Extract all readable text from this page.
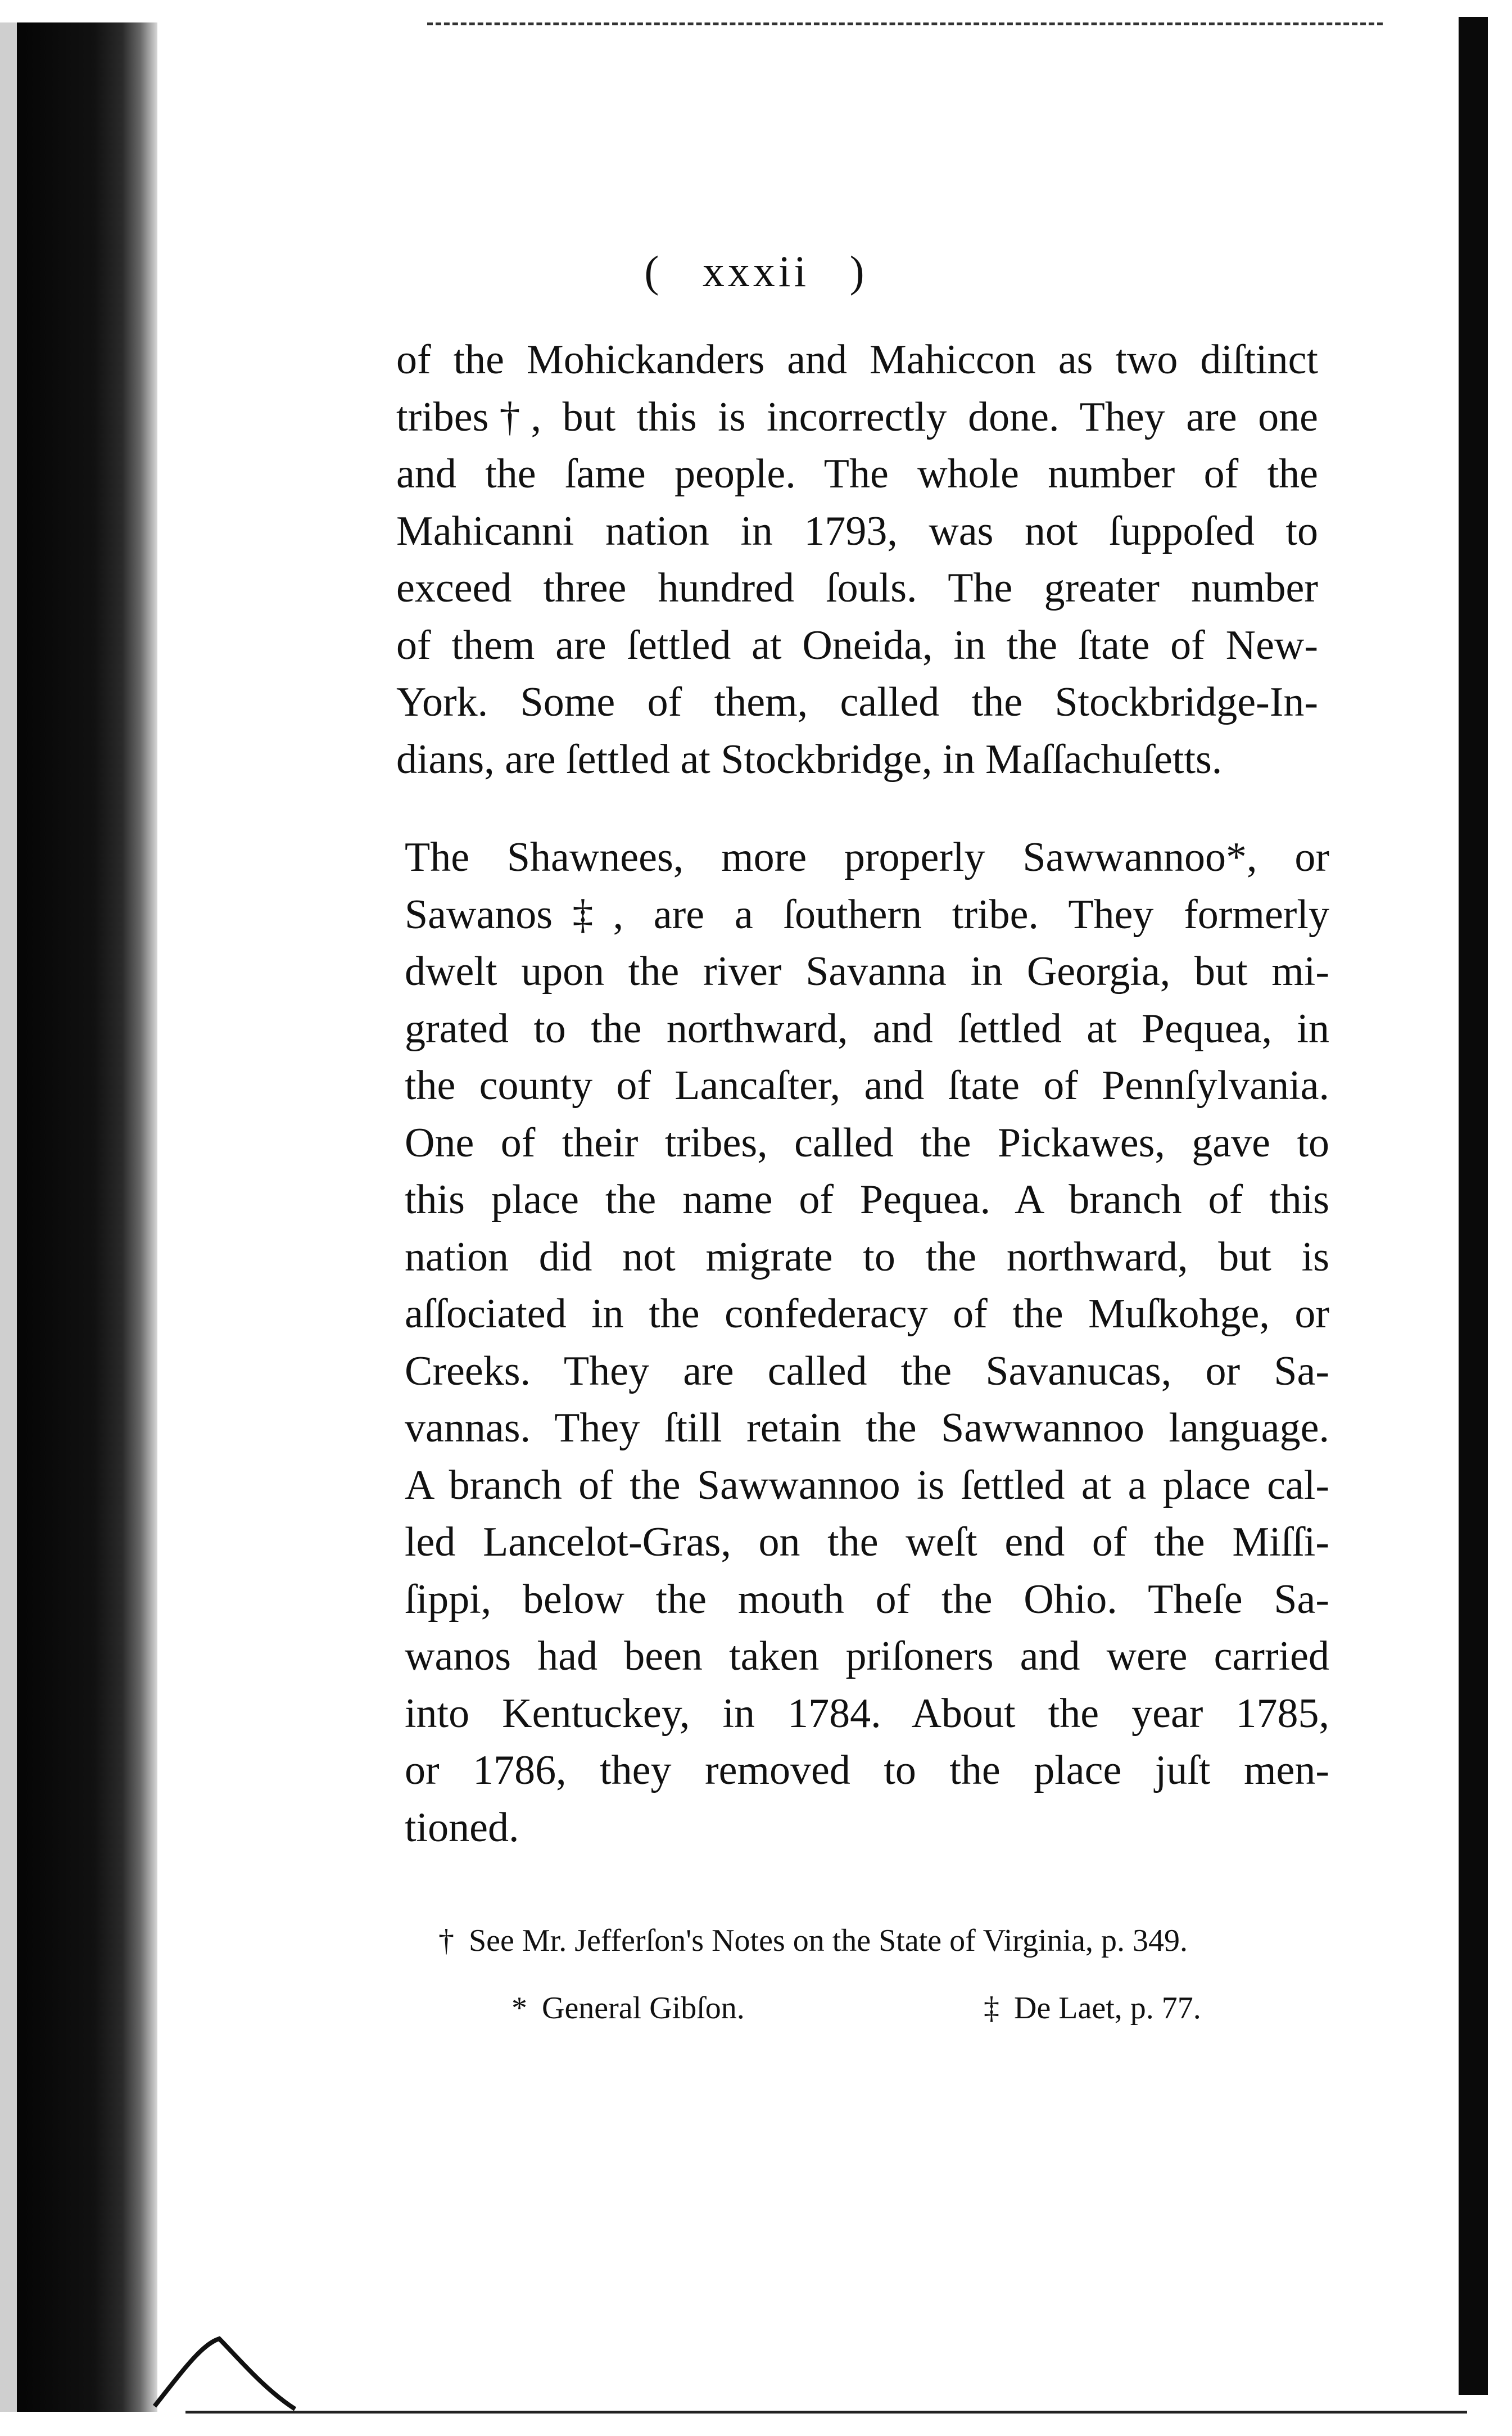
( xxxii )
of the Mohickanders and Mahiccon as two diſtinct
tribes†, but this is incorrectly done. They are one
and the ſame people. The whole number of the
Mahicanni nation in 1793, was not ſuppoſed to
exceed three hundred ſouls. The greater number
of them are ſettled at Oneida, in the ſtate of New-
York. Some of them, called the Stockbridge-In-
dians, are ſettled at Stockbridge, in Maſſachuſetts.
The Shawnees, more properly Sawwannoo*, or
Sawanos‡, are a ſouthern tribe. They formerly
dwelt upon the river Savanna in Georgia, but mi-
grated to the northward, and ſettled at Pequea, in
the county of Lancaſter, and ſtate of Pennſylvania.
One of their tribes, called the Pickawes, gave to
this place the name of Pequea. A branch of this
nation did not migrate to the northward, but is
aſſociated in the confederacy of the Muſkohge, or
Creeks. They are called the Savanucas, or Sa-
vannas. They ſtill retain the Sawwannoo language.
A branch of the Sawwannoo is ſettled at a place cal-
led Lancelot-Gras, on the weſt end of the Miſſi-
ſippi, below the mouth of the Ohio. Theſe Sa-
wanos had been taken priſoners and were carried
into Kentuckey, in 1784. About the year 1785,
or 1786, they removed to the place juſt men-
tioned.
† See Mr. Jefferſon's Notes on the State of Virginia, p. 349.
* General Gibſon.	‡ De Laet, p. 77.
